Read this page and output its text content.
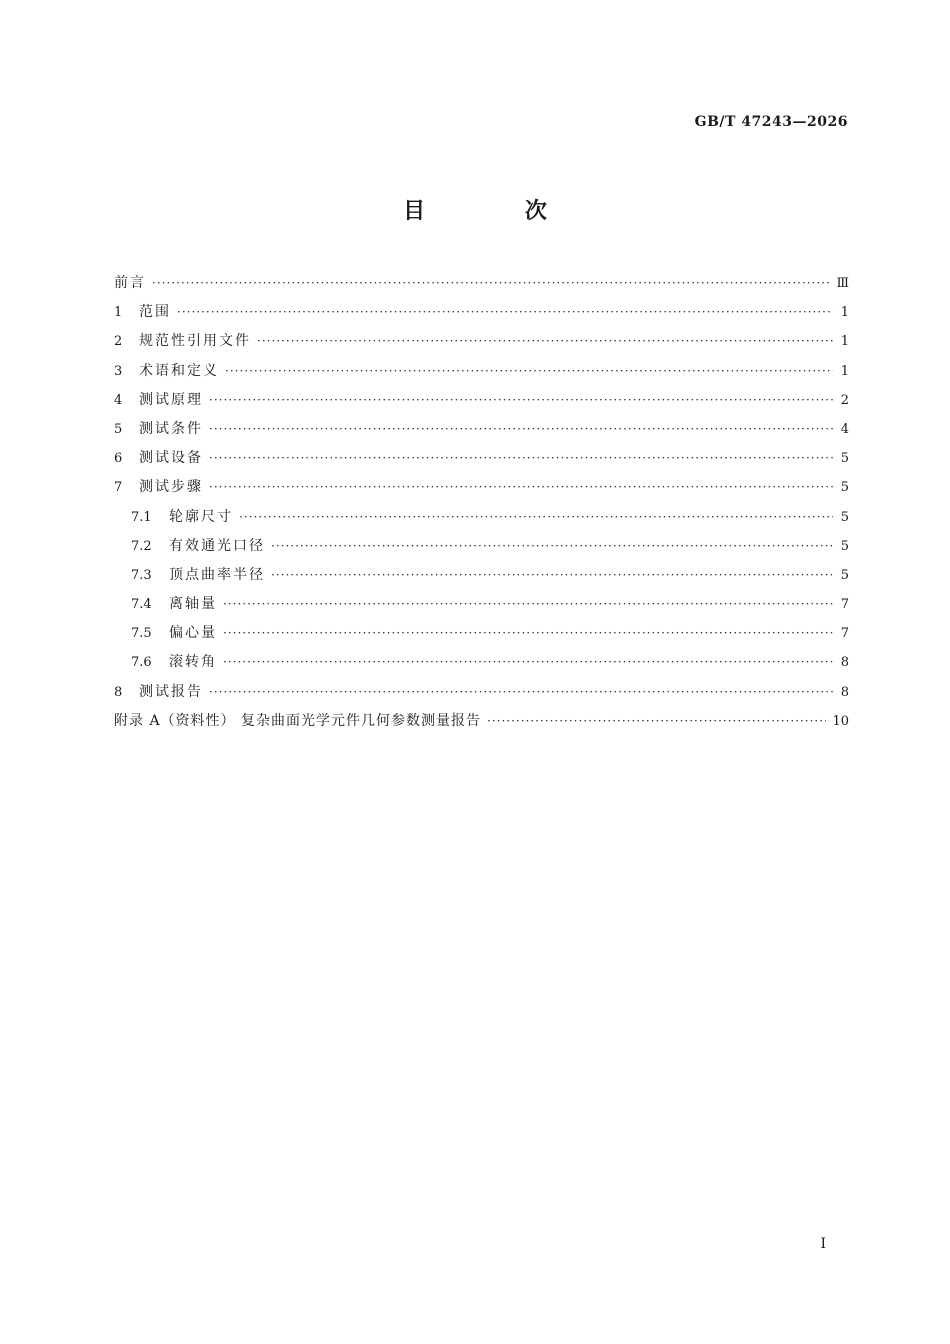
GB/T 47243—2026
目 次
前言 ·····	Ⅲ
1	范围 ·····	1
2	规范性引用文件 ·····	1
3	术语和定义 ·····	1
4	测试原理 ·····	2
5	测试条件 ·····	4
6	测试设备 ·····	5
7	测试步骤 ·····	5
7.1	轮廓尺寸 ·····	5
7.2	有效通光口径 ·····	5
7.3	顶点曲率半径 ·····	5
7.4	离轴量 ·····	7
7.5	偏心量 ·····	7
7.6	滚转角 ·····	8
8	测试报告 ·····	8
附录 A（资料性） 复杂曲面光学元件几何参数测量报告 ·····	10
I
